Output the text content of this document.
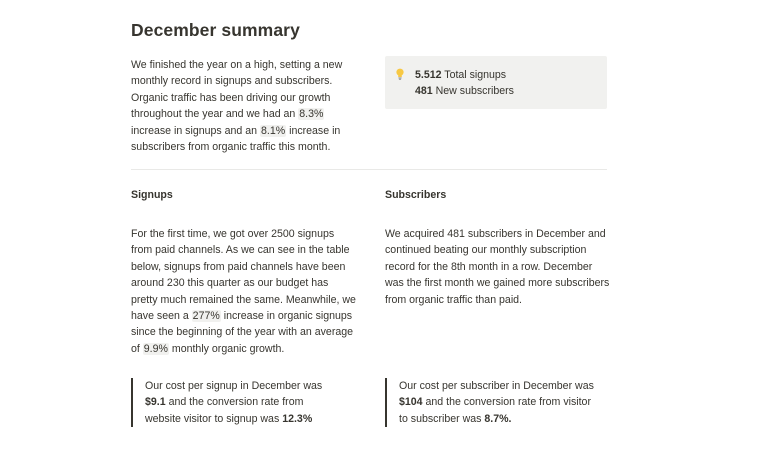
December summary

We finished the year on a high, setting a new monthly record in signups and subscribers. Organic traffic has been driving our growth throughout the year and we had an 8.3% increase in signups and an 8.1% increase in subscribers from organic traffic this month.

5.512 Total signups
481 New subscribers
Signups

For the first time, we got over 2500 signups from paid channels. As we can see in the table below, signups from paid channels have been around 230 this quarter as our budget has pretty much remained the same. Meanwhile, we have seen a 277% increase in organic signups since the beginning of the year with an average of 9.9% monthly organic growth.

Subscribers

We acquired 481 subscribers in December and continued beating our monthly subscription record for the 8th month in a row. December was the first month we gained more subscribers from organic traffic than paid.

Our cost per signup in December was $9.1 and the conversion rate from website visitor to signup was 12.3%
Our cost per subscriber in December was $104 and the conversion rate from visitor to subscriber was 8.7%.
